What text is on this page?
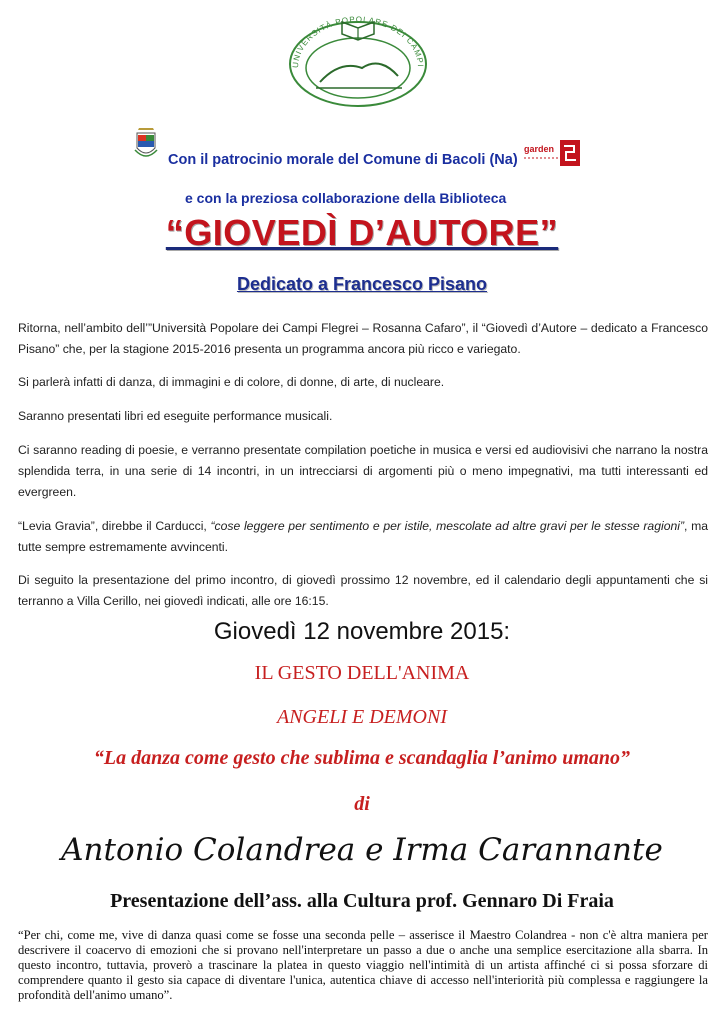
UNIVERSITÀ POPOLARE DEI CAMPI
garden
Con il patrocinio morale del Comune di Bacoli (Na)
e con la preziosa collaborazione della Biblioteca
“GIOVEDÌ D’AUTORE”
Dedicato a Francesco Pisano
Ritorna, nell’ambito dell’”Università Popolare dei Campi Flegrei – Rosanna Cafaro”, il “Giovedì d’Autore – dedicato a Francesco Pisano” che, per la stagione 2015-2016 presenta un programma ancora più ricco e variegato.
Si parlerà infatti di danza, di immagini e di colore, di donne, di arte, di nucleare.
Saranno presentati libri ed eseguite performance musicali.
Ci saranno reading di poesie, e verranno presentate compilation poetiche in musica e versi ed audiovisivi che narrano la nostra splendida terra, in una serie di 14 incontri, in un intrecciarsi di argomenti più o meno impegnativi, ma tutti interessanti ed evergreen.
“Levia Gravia”, direbbe il Carducci, “cose leggere per sentimento e per istile, mescolate ad altre gravi per le stesse ragioni”, ma tutte sempre estremamente avvincenti.
Di seguito la presentazione del primo incontro, di giovedì prossimo 12 novembre, ed il calendario degli appuntamenti che si terranno a Villa Cerillo, nei giovedì indicati, alle ore 16:15.
Giovedì 12 novembre 2015:
IL GESTO DELL'ANIMA
ANGELI E DEMONI
“La danza come gesto che sublima e scandaglia l’animo umano”
di
Antonio Colandrea e Irma Carannante
Presentazione dell’ass. alla Cultura prof. Gennaro Di Fraia
“Per chi, come me, vive di danza quasi come se fosse una seconda pelle – asserisce il Maestro Colandrea - non c'è altra maniera per descrivere il coacervo di emozioni che si provano nell'interpretare un passo a due o anche una semplice esercitazione alla sbarra. In questo incontro, tuttavia, proverò a trascinare la platea in questo viaggio nell'intimità di un artista affinché ci si possa sforzare di comprendere quanto il gesto sia capace di diventare l'unica, autentica chiave di accesso nell'interiorità più complessa e raggiungere la profondità dell'animo umano”.
